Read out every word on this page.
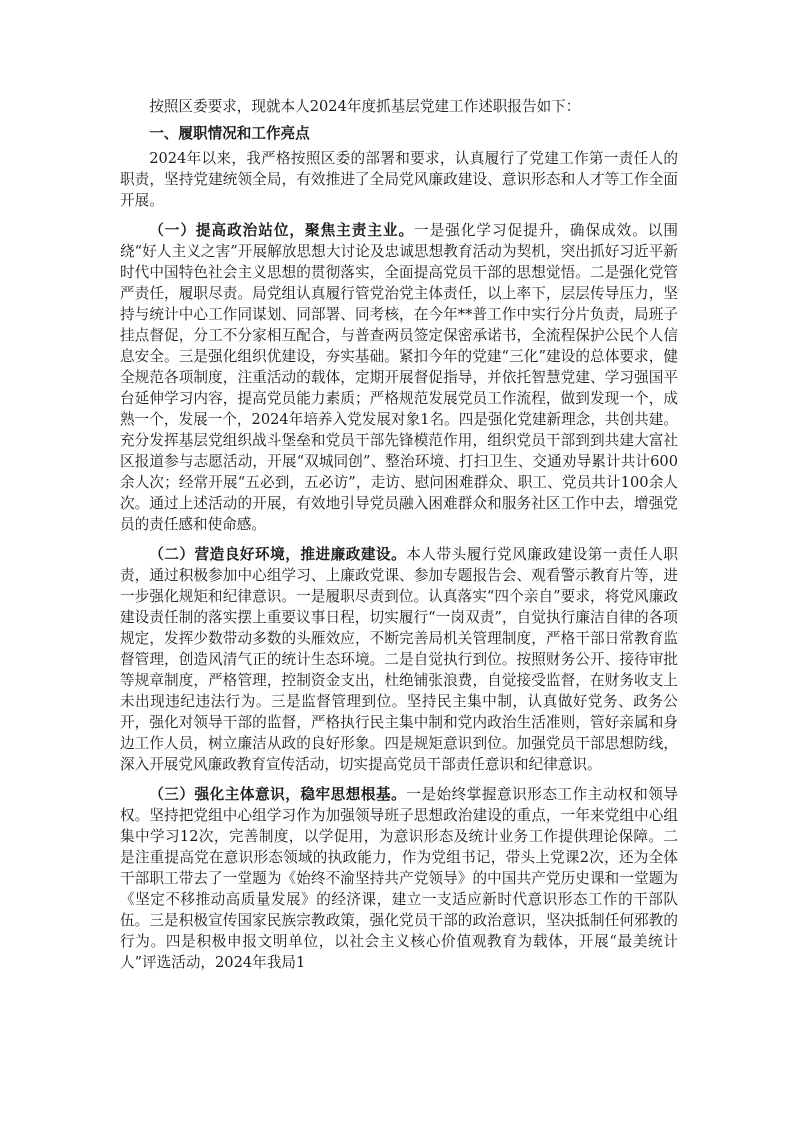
按照区委要求，现就本人2024年度抓基层党建工作述职报告如下：

一、履职情况和工作亮点

2024年以来，我严格按照区委的部署和要求，认真履行了党建工作第一责任人的职责，坚持党建统领全局，有效推进了全局党风廉政建设、意识形态和人才等工作全面开展。

（一）提高政治站位，聚焦主责主业。一是强化学习促提升，确保成效。以围绕“好人主义之害”开展解放思想大讨论及忠诚思想教育活动为契机，突出抓好习近平新时代中国特色社会主义思想的贯彻落实，全面提高党员干部的思想觉悟。二是强化党管严责任，履职尽责。局党组认真履行管党治党主体责任，以上率下，层层传导压力，坚持与统计中心工作同谋划、同部署、同考核，在今年**普工作中实行分片负责，局班子挂点督促，分工不分家相互配合，与普查两员签定保密承诺书，全流程保护公民个人信息安全。三是强化组织优建设，夯实基础。紧扣今年的党建“三化”建设的总体要求，健全规范各项制度，注重活动的载体，定期开展督促指导，并依托智慧党建、学习强国平台延伸学习内容，提高党员能力素质；严格规范发展党员工作流程，做到发现一个，成熟一个，发展一个，2024年培养入党发展对象1名。四是强化党建新理念，共创共建。充分发挥基层党组织战斗堡垒和党员干部先锋模范作用，组织党员干部到到共建大富社区报道参与志愿活动，开展“双城同创”、整治环境、打扫卫生、交通劝导累计共计600余人次；经常开展“五必到，五必访”，走访、慰问困难群众、职工、党员共计100余人次。通过上述活动的开展，有效地引导党员融入困难群众和服务社区工作中去，增强党员的责任感和使命感。

（二）营造良好环境，推进廉政建设。本人带头履行党风廉政建设第一责任人职责，通过积极参加中心组学习、上廉政党课、参加专题报告会、观看警示教育片等，进一步强化规矩和纪律意识。一是履职尽责到位。认真落实“四个亲自”要求，将党风廉政建设责任制的落实摆上重要议事日程，切实履行“一岗双责”，自觉执行廉洁自律的各项规定，发挥少数带动多数的头雁效应，不断完善局机关管理制度，严格干部日常教育监督管理，创造风清气正的统计生态环境。二是自觉执行到位。按照财务公开、接待审批等规章制度，严格管理，控制资金支出，杜绝铺张浪费，自觉接受监督，在财务收支上未出现违纪违法行为。三是监督管理到位。坚持民主集中制，认真做好党务、政务公开，强化对领导干部的监督，严格执行民主集中制和党内政治生活准则，管好亲属和身边工作人员，树立廉洁从政的良好形象。四是规矩意识到位。加强党员干部思想防线，深入开展党风廉政教育宣传活动，切实提高党员干部责任意识和纪律意识。

（三）强化主体意识，稳牢思想根基。一是始终掌握意识形态工作主动权和领导权。坚持把党组中心组学习作为加强领导班子思想政治建设的重点，一年来党组中心组集中学习12次，完善制度，以学促用，为意识形态及统计业务工作提供理论保障。二是注重提高党在意识形态领域的执政能力，作为党组书记，带头上党课2次，还为全体干部职工带去了一堂题为《始终不渝坚持共产党领导》的中国共产党历史课和一堂题为《坚定不移推动高质量发展》的经济课，建立一支适应新时代意识形态工作的干部队伍。三是积极宣传国家民族宗教政策，强化党员干部的政治意识，坚决抵制任何邪教的行为。四是积极申报文明单位，以社会主义核心价值观教育为载体，开展“最美统计人”评选活动，2024年我局1
